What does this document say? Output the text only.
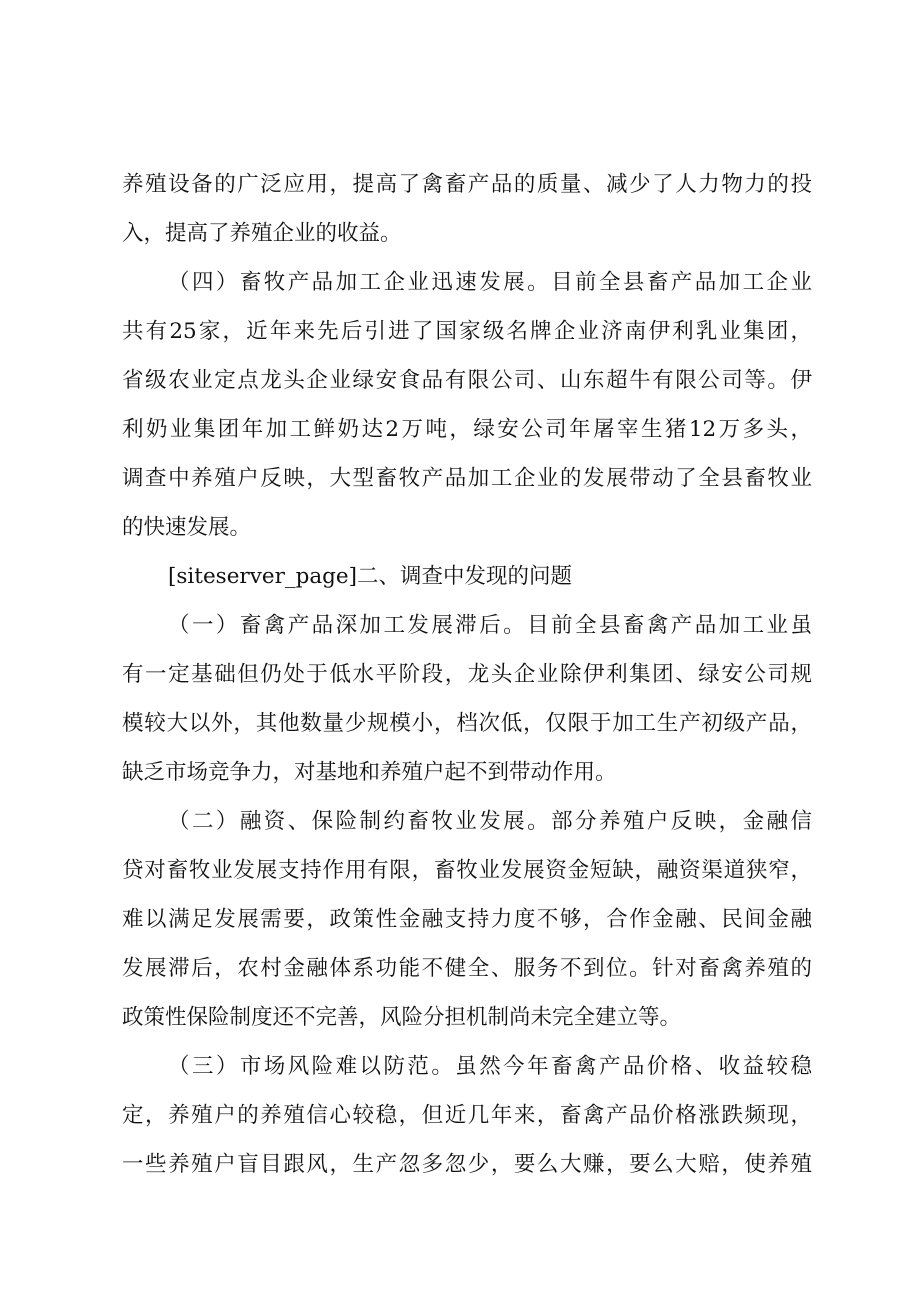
养殖设备的广泛应用，提高了禽畜产品的质量、减少了人力物力的投
入，提高了养殖企业的收益。
（四）畜牧产品加工企业迅速发展。目前全县畜产品加工企业
共有25家，近年来先后引进了国家级名牌企业济南伊利乳业集团，
省级农业定点龙头企业绿安食品有限公司、山东超牛有限公司等。伊
利奶业集团年加工鲜奶达2万吨，绿安公司年屠宰生猪12万多头，
调查中养殖户反映，大型畜牧产品加工企业的发展带动了全县畜牧业
的快速发展。
[siteserver_page]二、调查中发现的问题
（一）畜禽产品深加工发展滞后。目前全县畜禽产品加工业虽
有一定基础但仍处于低水平阶段，龙头企业除伊利集团、绿安公司规
模较大以外，其他数量少规模小，档次低，仅限于加工生产初级产品，
缺乏市场竞争力，对基地和养殖户起不到带动作用。
（二）融资、保险制约畜牧业发展。部分养殖户反映，金融信
贷对畜牧业发展支持作用有限，畜牧业发展资金短缺，融资渠道狭窄，
难以满足发展需要，政策性金融支持力度不够，合作金融、民间金融
发展滞后，农村金融体系功能不健全、服务不到位。针对畜禽养殖的
政策性保险制度还不完善，风险分担机制尚未完全建立等。
（三）市场风险难以防范。虽然今年畜禽产品价格、收益较稳
定，养殖户的养殖信心较稳，但近几年来，畜禽产品价格涨跌频现，
一些养殖户盲目跟风，生产忽多忽少，要么大赚，要么大赔，使养殖
